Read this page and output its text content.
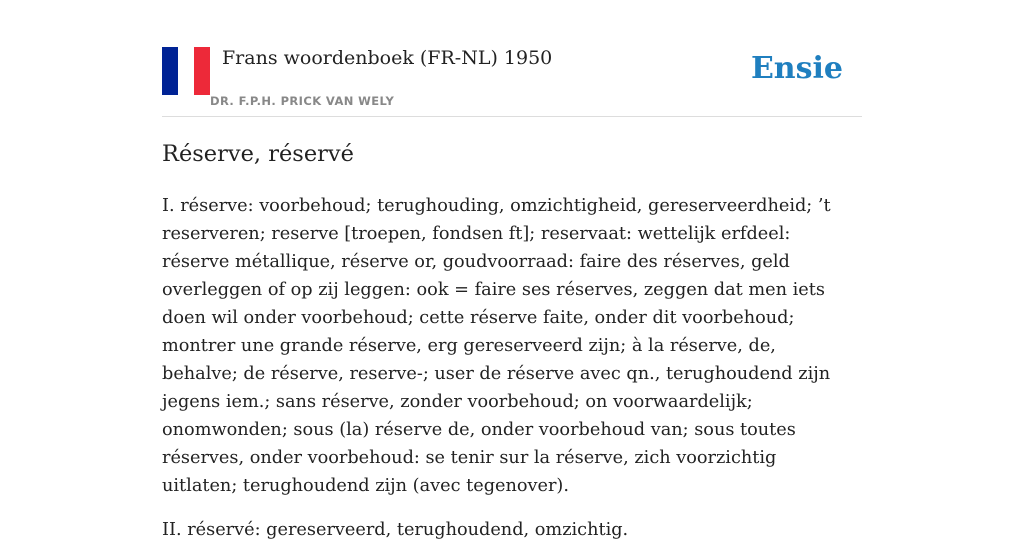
Frans woordenboek (FR-NL) 1950
DR. F.P.H. PRICK VAN WELY
Ensie
Réserve, réservé

I. réserve: voorbehoud; terughouding, omzichtigheid, gereserveerdheid; ’t reserveren; reserve [troepen, fondsen ft]; reservaat: wettelijk erfdeel: réserve métallique, réserve or, goudvoorraad: faire des réserves, geld overleggen of op zij leggen: ook = faire ses réserves, zeggen dat men iets doen wil onder voorbehoud; cette réserve faite, onder dit voorbehoud; montrer une grande réserve, erg gereserveerd zijn; à la réserve, de, behalve; de réserve, reserve-; user de réserve avec qn., terughoudend zijn jegens iem.; sans réserve, zonder voorbehoud; on voorwaardelijk; onomwonden; sous (la) réserve de, onder voorbehoud van; sous toutes réserves, onder voorbehoud: se tenir sur la réserve, zich voorzichtig uitlaten; terughoudend zijn (avec tegenover).

II. réservé: gereserveerd, terughoudend, omzichtig.
